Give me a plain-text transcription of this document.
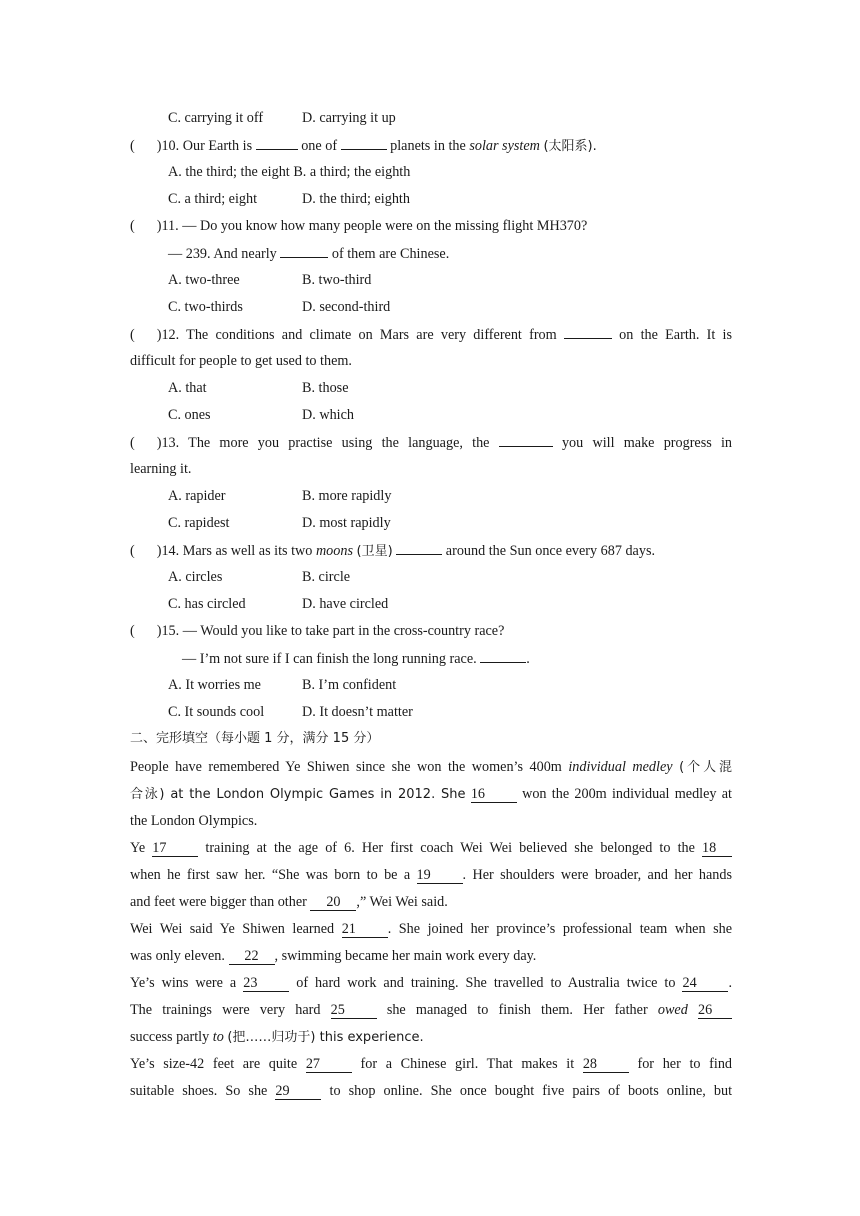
C. carrying it off	D. carrying it up
( )10. Our Earth is	one of	planets in the solar system (太阳系).
A. the third; the eight B. a third; the eighth
C. a third; eight	D. the third; eighth
( )11. — Do you know how many people were on the missing flight MH370?
— 239. And nearly	of them are Chinese.
A. two-three	B. two-third
C. two-thirds	D. second-third
( )12. The conditions and climate on Mars are very different from	on the Earth. It is
difficult for people to get used to them.
A. that	B. those
C. ones	D. which
( )13. The more you practise using the language, the	you will make progress in
learning it.
A. rapider	B. more rapidly
C. rapidest	D. most rapidly
( )14. Mars as well as its two moons (卫星)	around the Sun once every 687 days.
A. circles	B. circle
C. has circled	D. have circled
( )15. — Would you like to take part in the cross-country race?
— I’m not sure if I can finish the long running race.	.
A. It worries me	B. I’m confident
C. It sounds cool	D. It doesn’t matter
二、完形填空（每小题 1 分，满分 15 分）
People have remembered Ye Shiwen since she won the women’s 400m individual medley (个人混
合泳) at the London Olympic Games in 2012. She 16	won the 200m individual medley at
the London Olympics.
Ye 17	training at the age of 6. Her first coach Wei Wei believed she belonged to the 18
when he first saw her. “She was born to be a 19 . Her shoulders were broader, and her hands
and feet were bigger than other 20 ,” Wei Wei said.
Wei Wei said Ye Shiwen learned 21 . She joined her province’s professional team when she
was only eleven. 22 , swimming became her main work every day.
Ye’s wins were a 23	of hard work and training. She travelled to Australia twice to 24 .
The trainings were very hard 25	she managed to finish them. Her father owed 26
success partly to (把……归功于) this experience.
Ye’s size-42 feet are quite 27	for a Chinese girl. That makes it 28	for her to find
suitable shoes. So she 29	to shop online. She once bought five pairs of boots online, but
